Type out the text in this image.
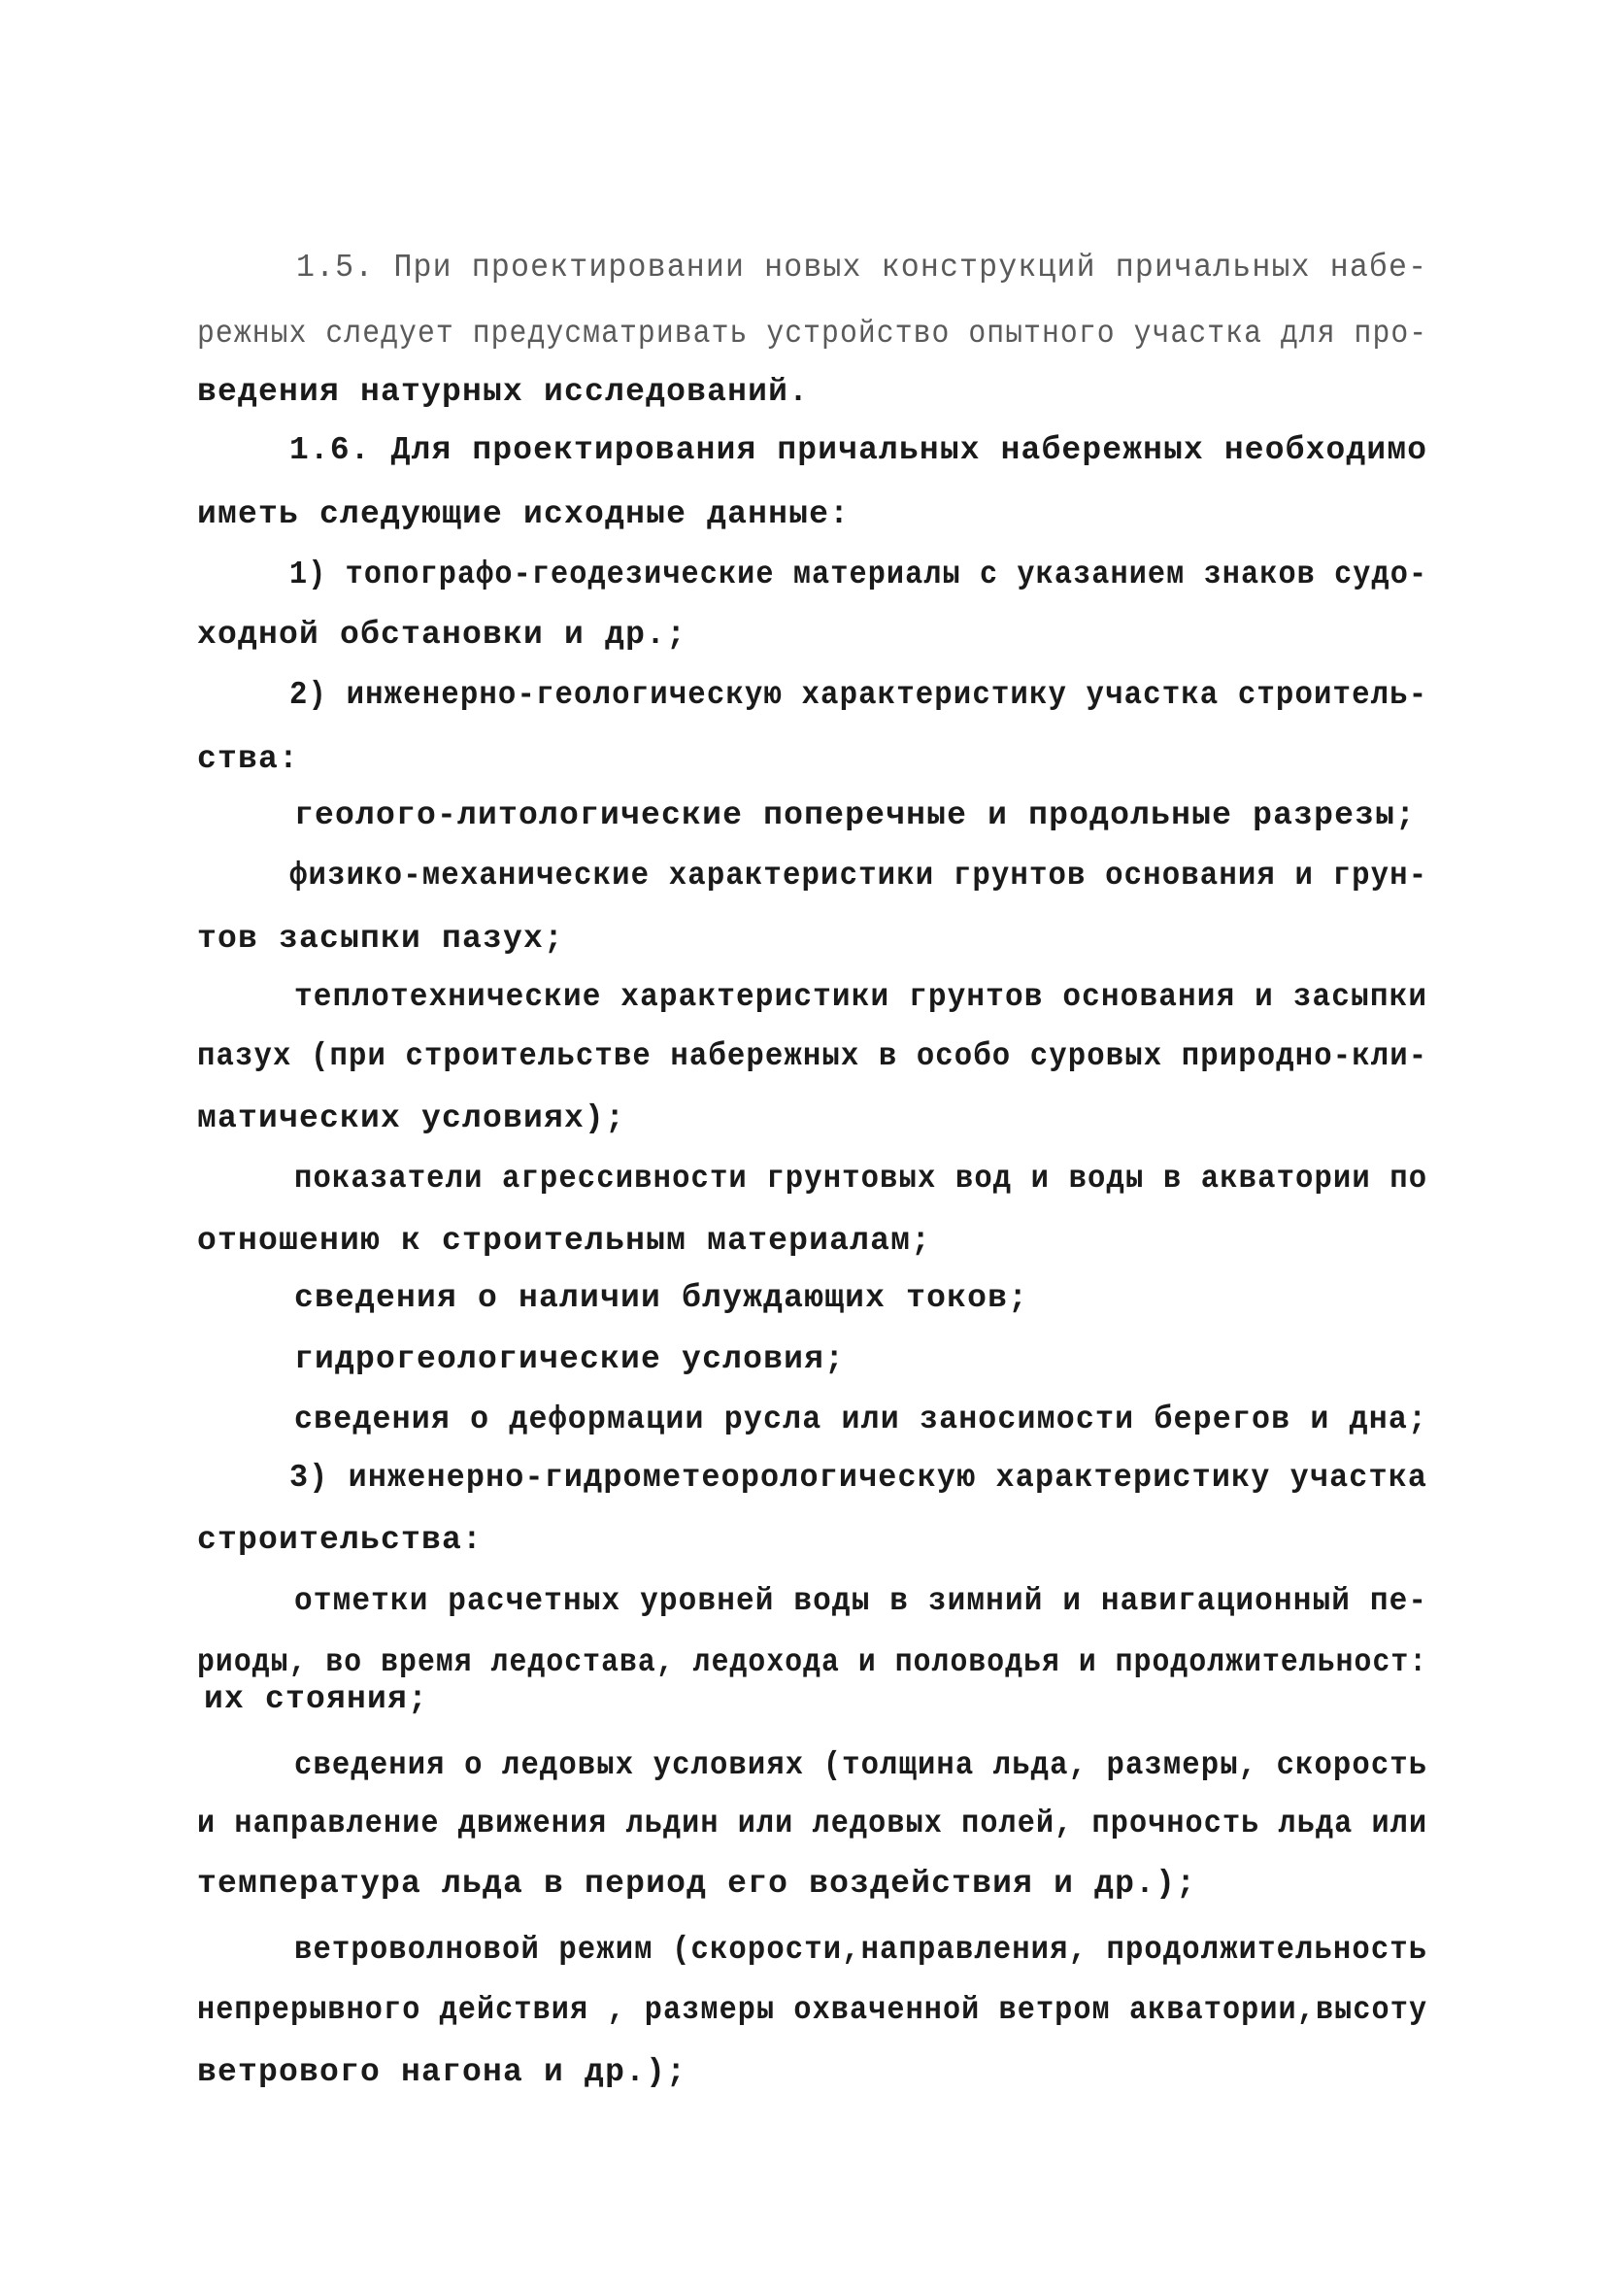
1.5. При проектировании новых конструкций причальных набе-
режных следует предусматривать устройство опытного участка для про-
ведения натурных исследований.
1.6. Для проектирования причальных набережных необходимо
иметь следующие исходные данные:
1) топографо-геодезические материалы с указанием знаков судо-
ходной обстановки и др.;
2) инженерно-геологическую характеристику участка строитель-
ства:
геолого-литологические поперечные и продольные разрезы;
физико-механические характеристики грунтов основания и грун-
тов засыпки пазух;
теплотехнические характеристики грунтов основания и засыпки
пазух (при строительстве набережных в особо суровых природно-кли-
матических условиях);
показатели агрессивности грунтовых вод и воды в акватории по
отношению к строительным материалам;
сведения о наличии блуждающих токов;
гидрогеологические условия;
сведения о деформации русла или заносимости берегов и дна;
3) инженерно-гидрометеорологическую характеристику участка
строительства:
отметки расчетных уровней воды в зимний и навигационный пе-
риоды, во время ледостава, ледохода и половодья и продолжительност:
их стояния;
сведения о ледовых условиях (толщина льда, размеры, скорость
и направление движения льдин или ледовых полей, прочность льда или
температура льда в период его воздействия и др.);
ветроволновой режим (скорости,направления, продолжительность
непрерывного действия , размеры охваченной ветром акватории,высоту
ветрового нагона и др.);
